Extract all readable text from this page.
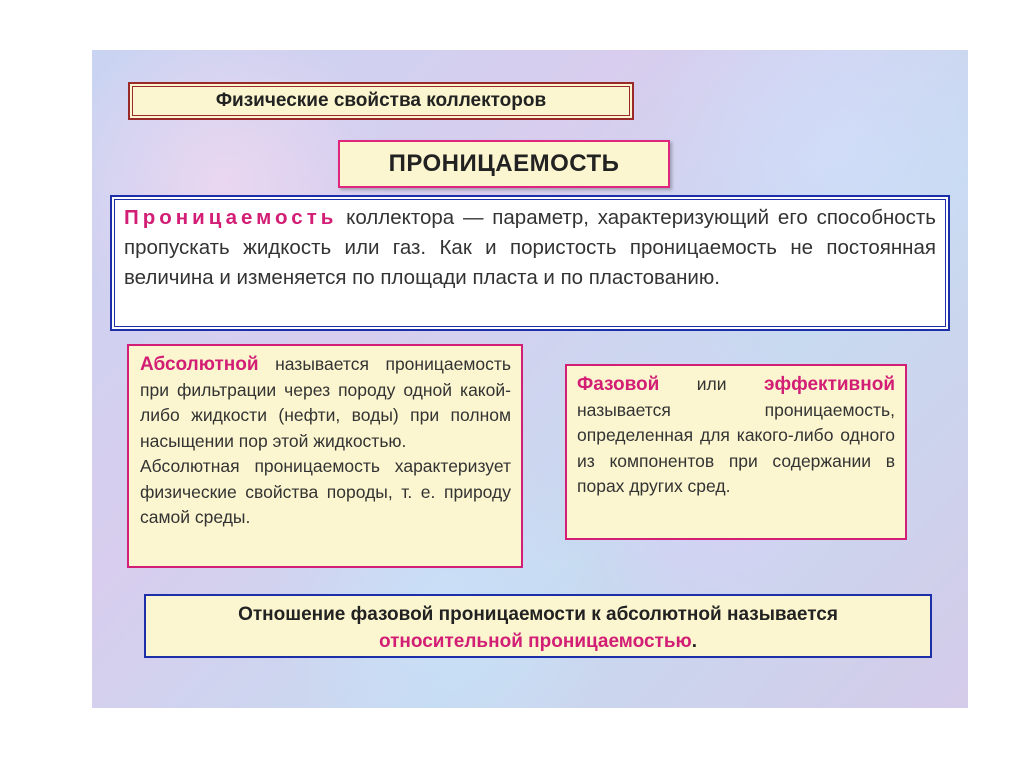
Физические свойства коллекторов
ПРОНИЦАЕМОСТЬ
Проницаемость коллектора — параметр, характеризующий его способность пропускать жидкость или газ. Как и пористость проницаемость не постоянная величина и изменяется по площади пласта и по пластованию.

Абсолютной называется проницаемость при фильтрации через породу одной какой-либо жидкости (нефти, воды) при полном насыщении пор этой жидкостью.

Абсолютная проницаемость характеризует физические свойства породы, т. е. природу самой среды.

Фазовой или эффективной называется проницаемость, определенная для какого-либо одного из компонентов при содержании в порах других сред.
Отношение фазовой проницаемости к абсолютной называется
относительной проницаемостью.
